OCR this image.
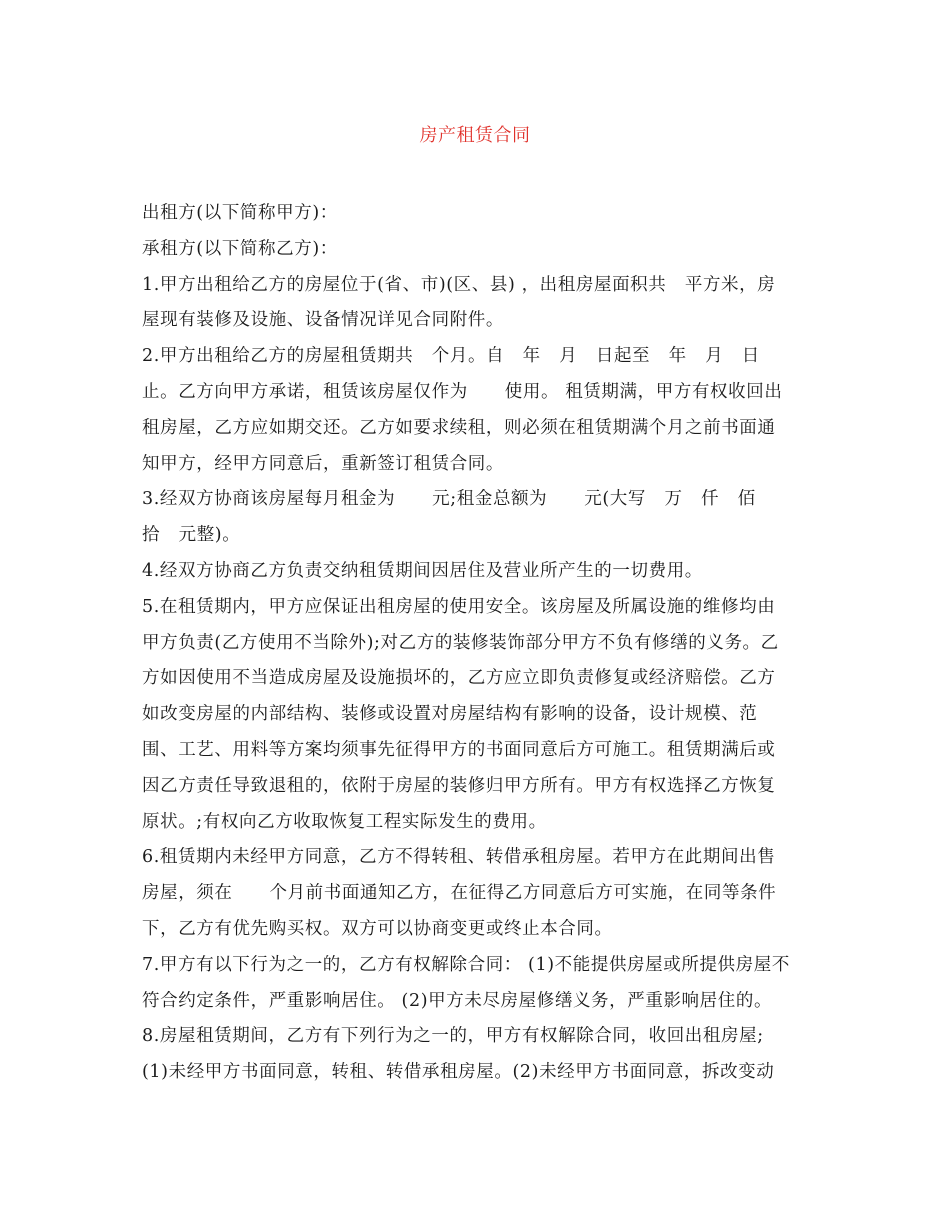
房产租赁合同
出租方(以下简称甲方)：
承租方(以下简称乙方)：
1.甲方出租给乙方的房屋位于(省、市)(区、县) ，出租房屋面积共   平方米，房
屋现有装修及设施、设备情况详见合同附件。
2.甲方出租给乙方的房屋租赁期共   个月。自   年   月   日起至   年   月   日
止。乙方向甲方承诺，租赁该房屋仅作为      使用。 租赁期满，甲方有权收回出
租房屋，乙方应如期交还。乙方如要求续租，则必须在租赁期满个月之前书面通
知甲方，经甲方同意后，重新签订租赁合同。
3.经双方协商该房屋每月租金为      元;租金总额为      元(大写   万   仟   佰
拾   元整)。
4.经双方协商乙方负责交纳租赁期间因居住及营业所产生的一切费用。
5.在租赁期内，甲方应保证出租房屋的使用安全。该房屋及所属设施的维修均由
甲方负责(乙方使用不当除外);对乙方的装修装饰部分甲方不负有修缮的义务。乙
方如因使用不当造成房屋及设施损坏的，乙方应立即负责修复或经济赔偿。乙方
如改变房屋的内部结构、装修或设置对房屋结构有影响的设备，设计规模、范
围、工艺、用料等方案均须事先征得甲方的书面同意后方可施工。租赁期满后或
因乙方责任导致退租的，依附于房屋的装修归甲方所有。甲方有权选择乙方恢复
原状。;有权向乙方收取恢复工程实际发生的费用。
6.租赁期内未经甲方同意，乙方不得转租、转借承租房屋。若甲方在此期间出售
房屋，须在      个月前书面通知乙方，在征得乙方同意后方可实施，在同等条件
下，乙方有优先购买权。双方可以协商变更或终止本合同。
7.甲方有以下行为之一的，乙方有权解除合同： (1)不能提供房屋或所提供房屋不
符合约定条件，严重影响居住。 (2)甲方未尽房屋修缮义务，严重影响居住的。
8.房屋租赁期间，乙方有下列行为之一的，甲方有权解除合同，收回出租房屋;
(1)未经甲方书面同意，转租、转借承租房屋。(2)未经甲方书面同意，拆改变动
